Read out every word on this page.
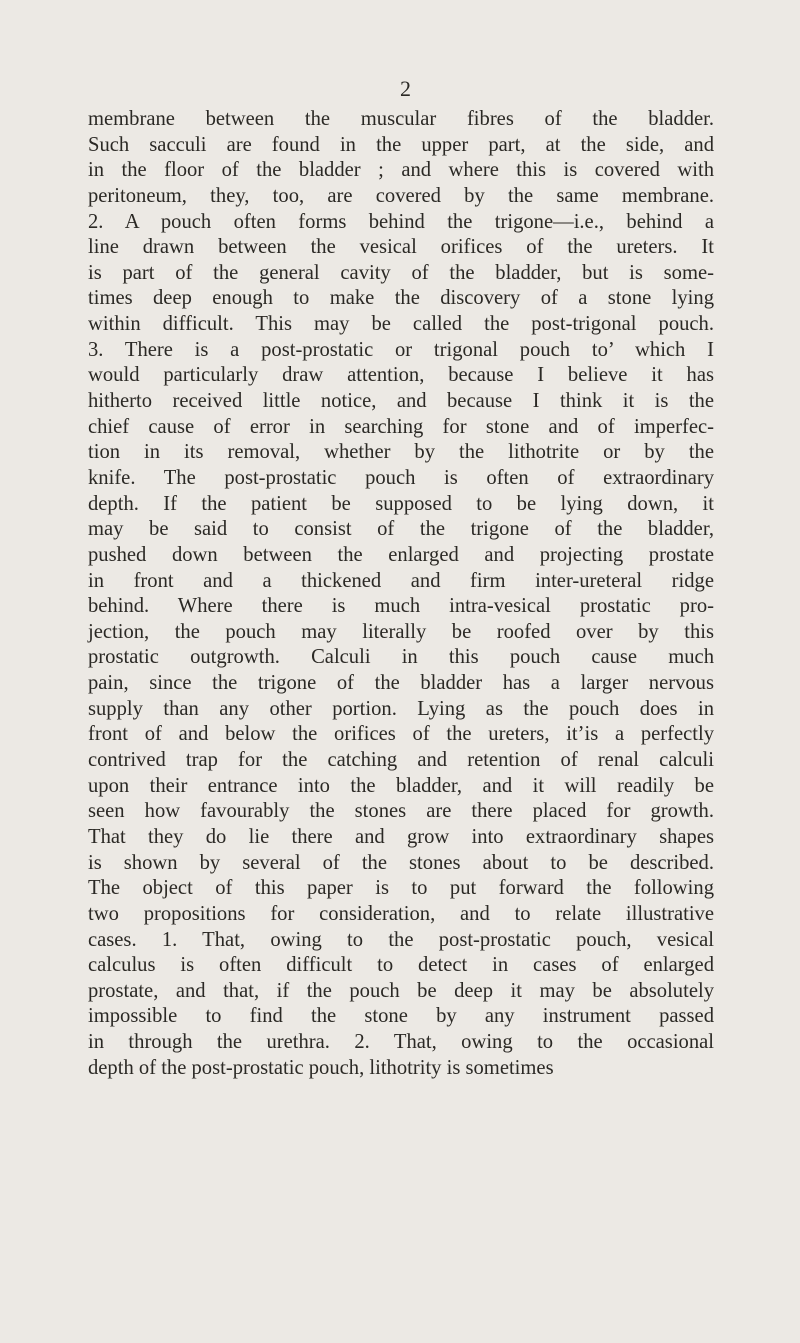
2
membrane between the muscular fibres of the bladder.
Such sacculi are found in the upper part, at the side, and
in the floor of the bladder ; and where this is covered with
peritoneum, they, too, are covered by the same membrane.
2. A pouch often forms behind the trigone—i.e., behind a
line drawn between the vesical orifices of the ureters. It
is part of the general cavity of the bladder, but is some-
times deep enough to make the discovery of a stone lying
within difficult. This may be called the post-trigonal pouch.
3. There is a post-prostatic or trigonal pouch to’ which I
would particularly draw attention, because I believe it has
hitherto received little notice, and because I think it is the
chief cause of error in searching for stone and of imperfec-
tion in its removal, whether by the lithotrite or by the
knife. The post-prostatic pouch is often of extraordinary
depth. If the patient be supposed to be lying down, it
may be said to consist of the trigone of the bladder,
pushed down between the enlarged and projecting prostate
in front and a thickened and firm inter-ureteral ridge
behind. Where there is much intra-vesical prostatic pro-
jection, the pouch may literally be roofed over by this
prostatic outgrowth. Calculi in this pouch cause much
pain, since the trigone of the bladder has a larger nervous
supply than any other portion. Lying as the pouch does in
front of and below the orifices of the ureters, it’is a perfectly
contrived trap for the catching and retention of renal calculi
upon their entrance into the bladder, and it will readily be
seen how favourably the stones are there placed for growth.
That they do lie there and grow into extraordinary shapes
is shown by several of the stones about to be described.
The object of this paper is to put forward the following
two propositions for consideration, and to relate illustrative
cases. 1. That, owing to the post-prostatic pouch, vesical
calculus is often difficult to detect in cases of enlarged
prostate, and that, if the pouch be deep it may be absolutely
impossible to find the stone by any instrument passed
in through the urethra. 2. That, owing to the occasional
depth of the post-prostatic pouch, lithotrity is sometimes
